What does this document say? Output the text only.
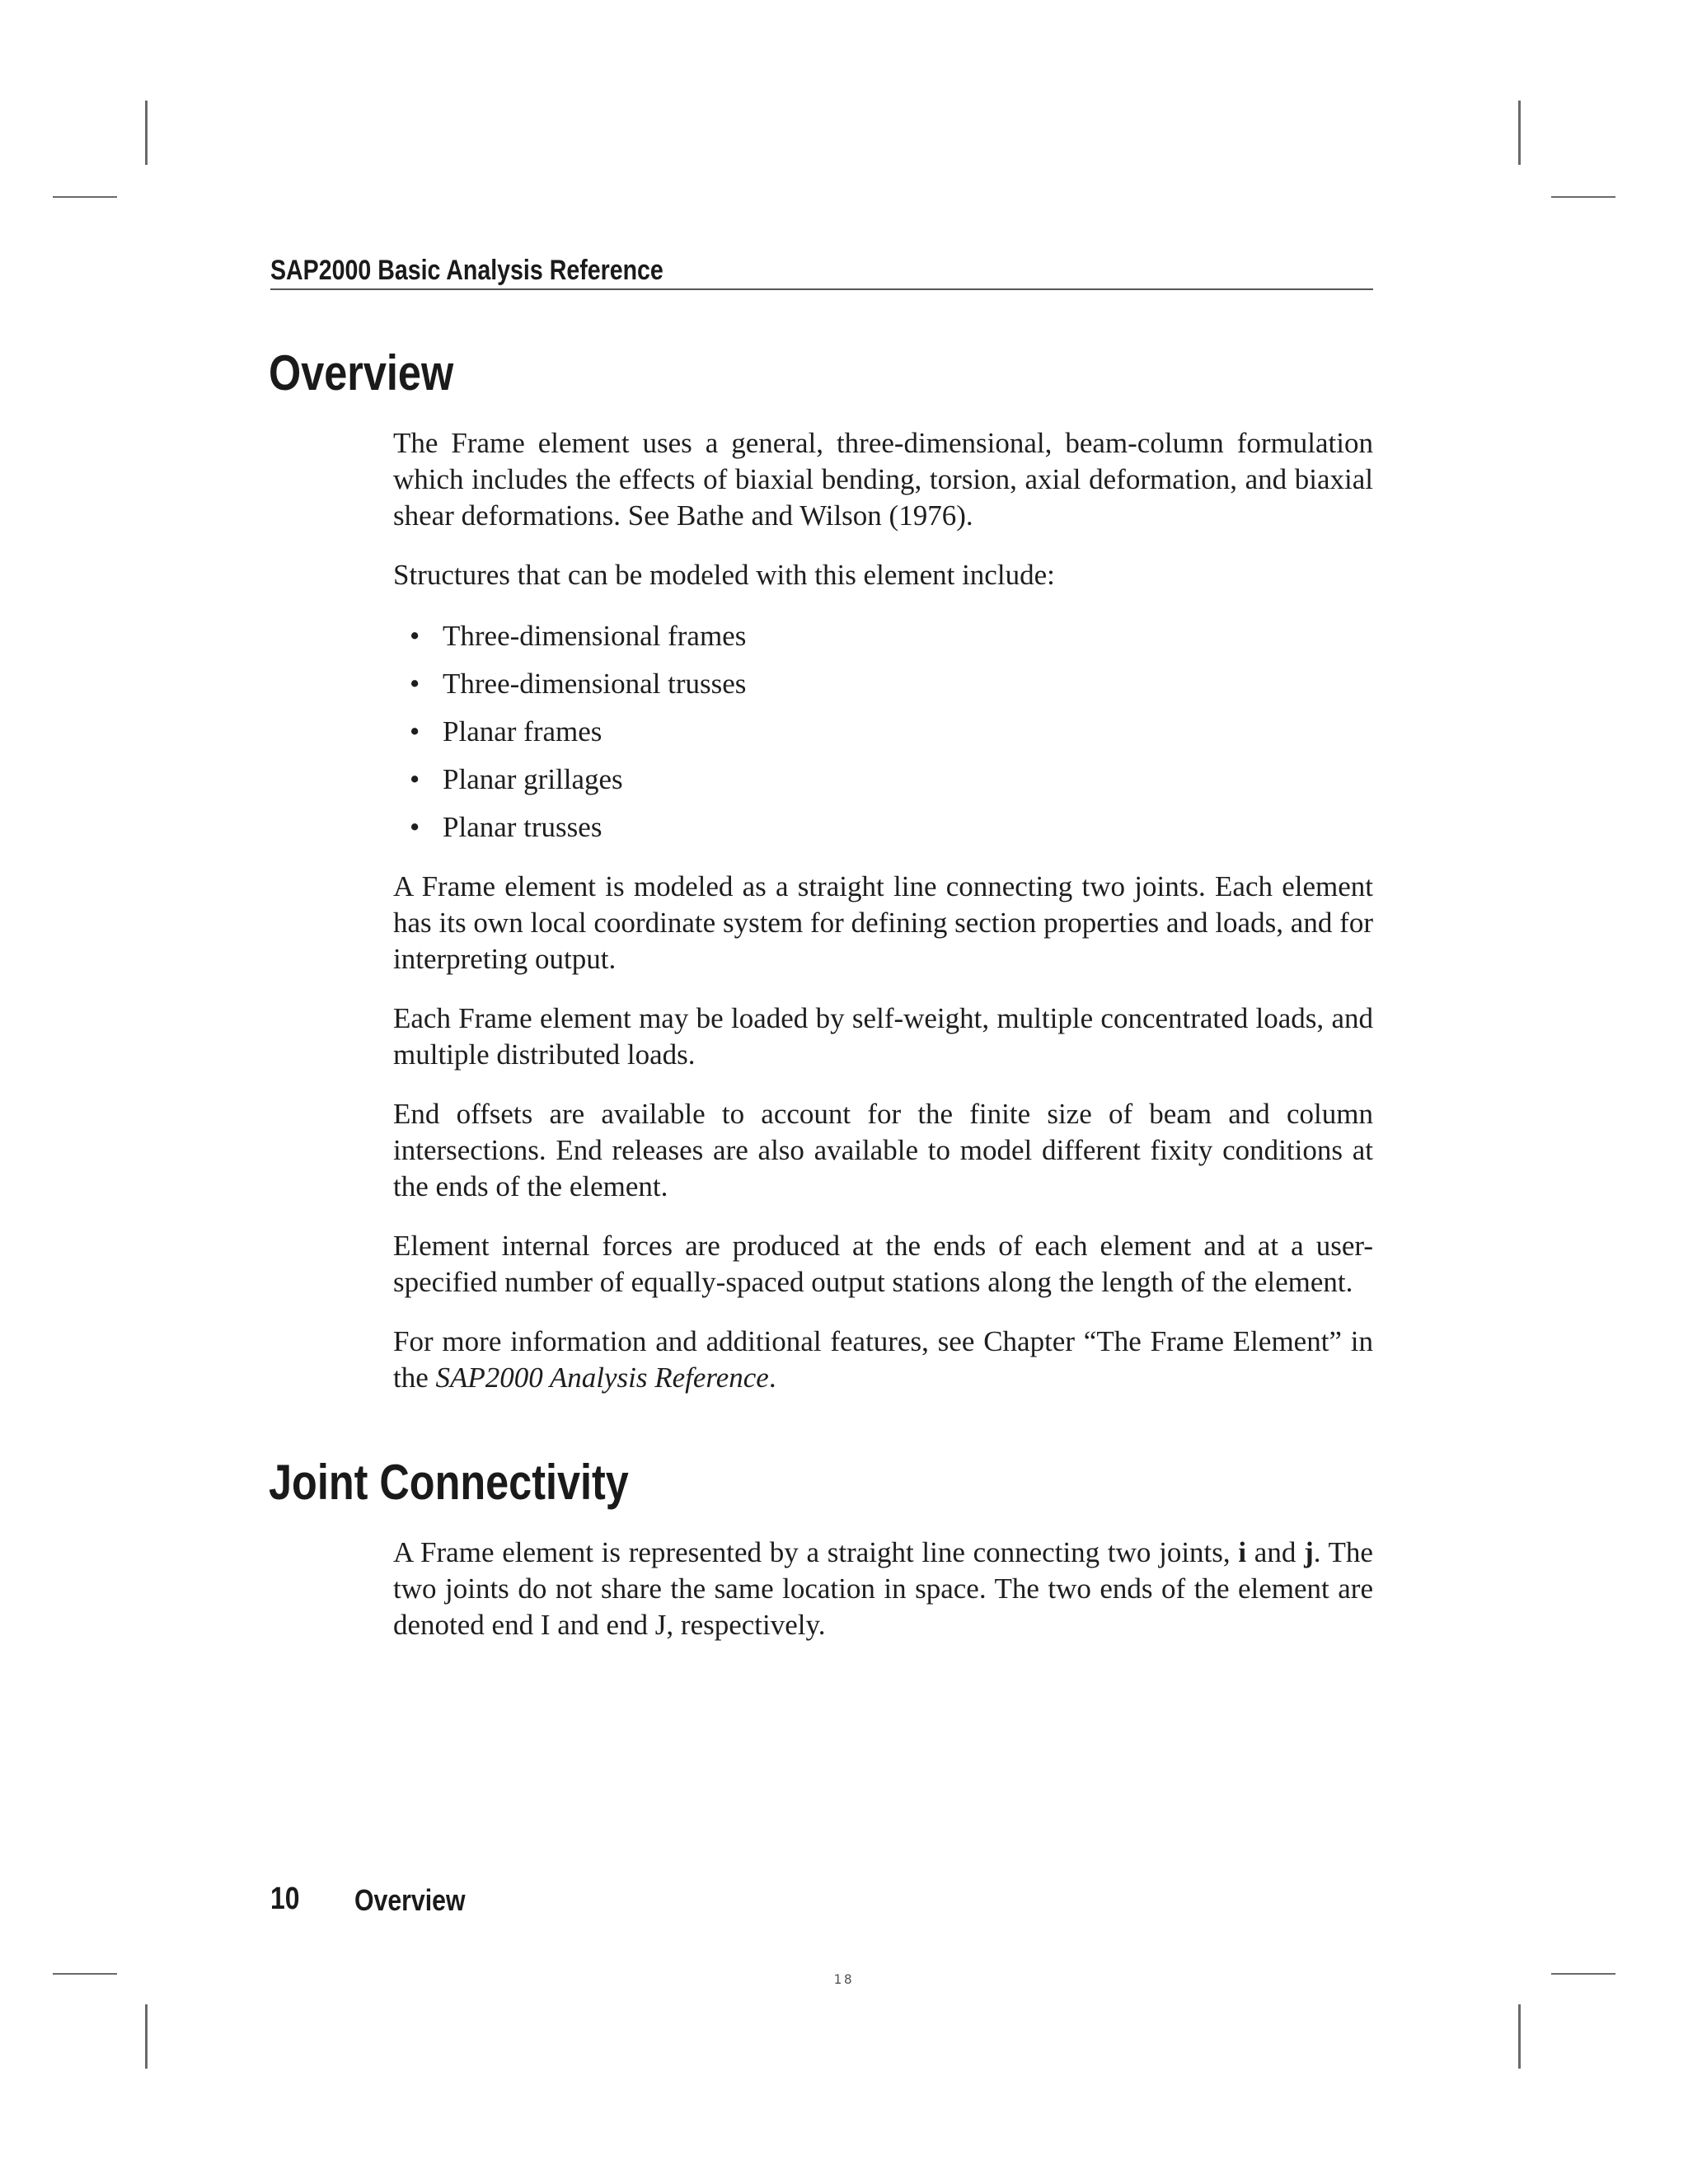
SAP2000 Basic Analysis Reference
Overview

The Frame element uses a general, three-dimensional, beam-column formulation which includes the effects of biaxial bending, torsion, axial deformation, and biaxial shear deformations. See Bathe and Wilson (1976).

Structures that can be modeled with this element include:

• Three-dimensional frames
• Three-dimensional trusses
• Planar frames
• Planar grillages
• Planar trusses

A Frame element is modeled as a straight line connecting two joints. Each element has its own local coordinate system for defining section properties and loads, and for interpreting output.

Each Frame element may be loaded by self-weight, multiple concentrated loads, and multiple distributed loads.

End offsets are available to account for the finite size of beam and column intersections. End releases are also available to model different fixity conditions at the ends of the element.

Element internal forces are produced at the ends of each element and at a user-specified number of equally-spaced output stations along the length of the element.

For more information and additional features, see Chapter “The Frame Element” in the SAP2000 Analysis Reference.

Joint Connectivity

A Frame element is represented by a straight line connecting two joints, i and j. The two joints do not share the same location in space. The two ends of the element are denoted end I and end J, respectively.

10 Overview
18
